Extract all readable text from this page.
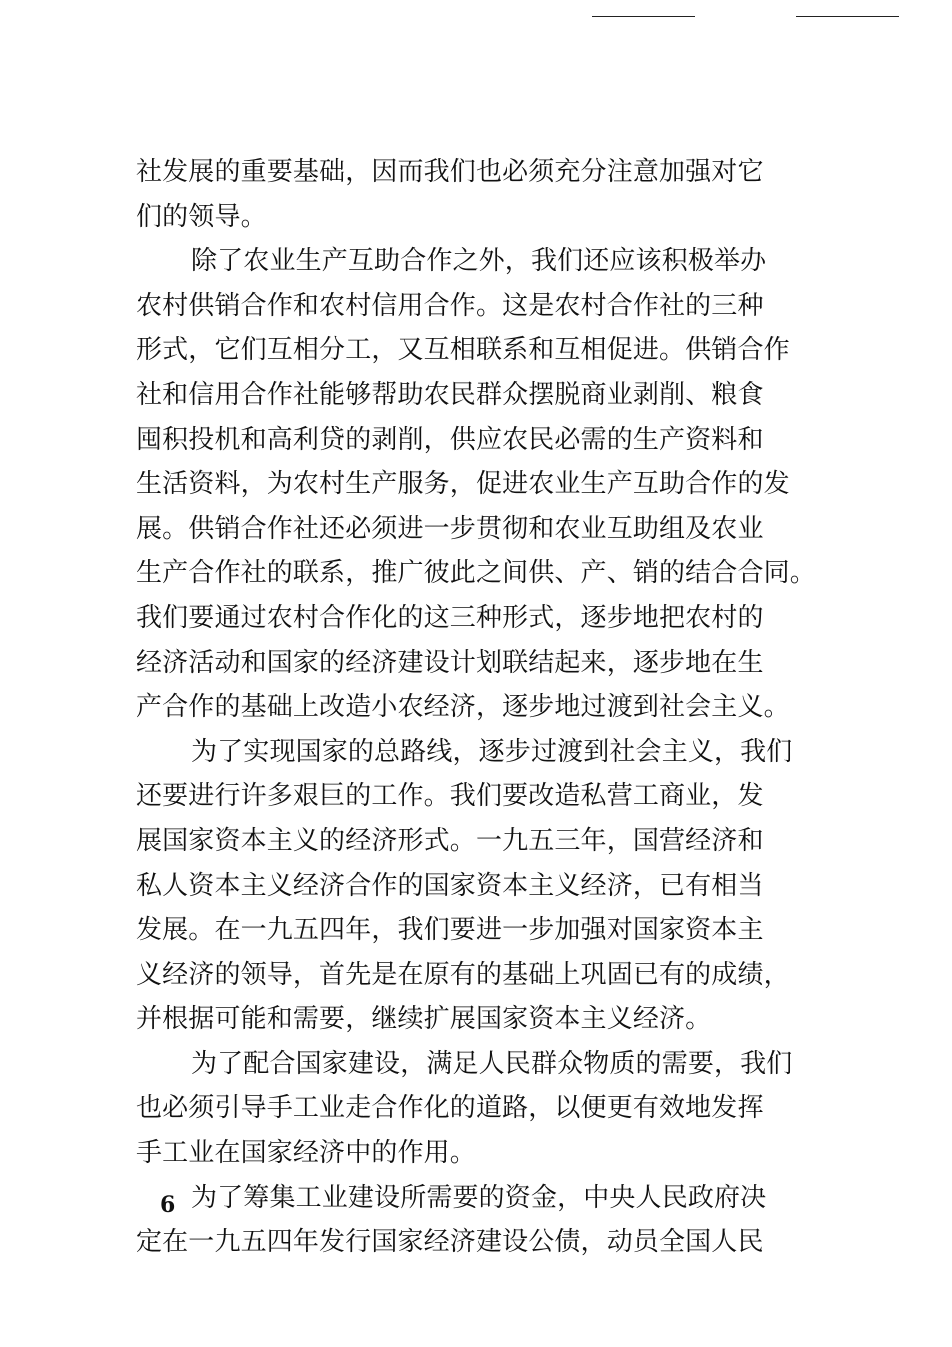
社发展的重要基础，因而我们也必须充分注意加强对它
们的领导。
除了农业生产互助合作之外，我们还应该积极举办
农村供销合作和农村信用合作。这是农村合作社的三种
形式，它们互相分工，又互相联系和互相促进。供销合作
社和信用合作社能够帮助农民群众摆脱商业剥削、粮食
囤积投机和高利贷的剥削，供应农民必需的生产资料和
生活资料，为农村生产服务，促进农业生产互助合作的发
展。供销合作社还必须进一步贯彻和农业互助组及农业
生产合作社的联系，推广彼此之间供、产、销的结合合同。
我们要通过农村合作化的这三种形式，逐步地把农村的
经济活动和国家的经济建设计划联结起来，逐步地在生
产合作的基础上改造小农经济，逐步地过渡到社会主义。
为了实现国家的总路线，逐步过渡到社会主义，我们
还要进行许多艰巨的工作。我们要改造私营工商业，发
展国家资本主义的经济形式。一九五三年，国营经济和
私人资本主义经济合作的国家资本主义经济，已有相当
发展。在一九五四年，我们要进一步加强对国家资本主
义经济的领导，首先是在原有的基础上巩固已有的成绩，
并根据可能和需要，继续扩展国家资本主义经济。
为了配合国家建设，满足人民群众物质的需要，我们
也必须引导手工业走合作化的道路，以便更有效地发挥
手工业在国家经济中的作用。
为了筹集工业建设所需要的资金，中央人民政府决
定在一九五四年发行国家经济建设公债，动员全国人民
6
